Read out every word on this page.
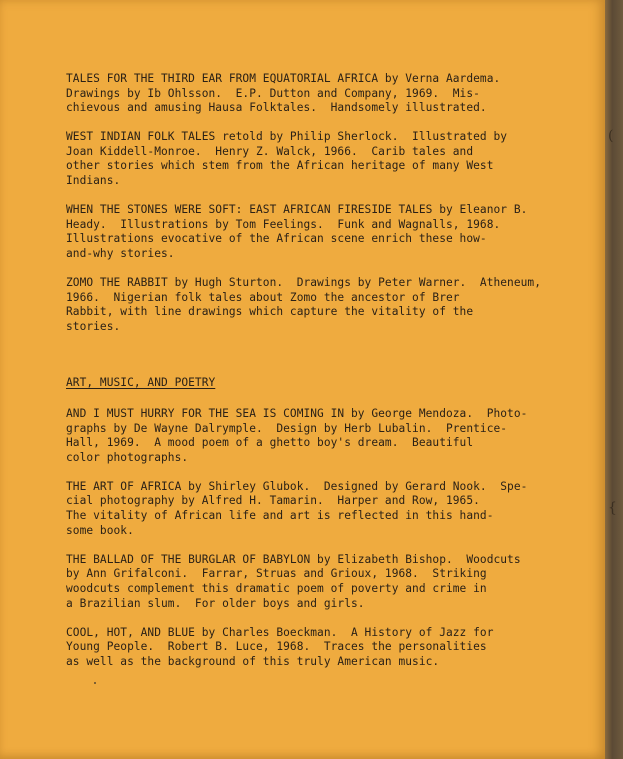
TALES FOR THE THIRD EAR FROM EQUATORIAL AFRICA by Verna Aardema.
Drawings by Ib Ohlsson.  E.P. Dutton and Company, 1969.  Mis-
chievous and amusing Hausa Folktales.  Handsomely illustrated.
WEST INDIAN FOLK TALES retold by Philip Sherlock.  Illustrated by
Joan Kiddell-Monroe.  Henry Z. Walck, 1966.  Carib tales and
other stories which stem from the African heritage of many West
Indians.
WHEN THE STONES WERE SOFT: EAST AFRICAN FIRESIDE TALES by Eleanor B.
Heady.  Illustrations by Tom Feelings.  Funk and Wagnalls, 1968.
Illustrations evocative of the African scene enrich these how-
and-why stories.
ZOMO THE RABBIT by Hugh Sturton.  Drawings by Peter Warner.  Atheneum,
1966.  Nigerian folk tales about Zomo the ancestor of Brer
Rabbit, with line drawings which capture the vitality of the
stories.
ART, MUSIC, AND POETRY
AND I MUST HURRY FOR THE SEA IS COMING IN by George Mendoza.  Photo-
graphs by De Wayne Dalrymple.  Design by Herb Lubalin.  Prentice-
Hall, 1969.  A mood poem of a ghetto boy's dream.  Beautiful
color photographs.
THE ART OF AFRICA by Shirley Glubok.  Designed by Gerard Nook.  Spe-
cial photography by Alfred H. Tamarin.  Harper and Row, 1965.
The vitality of African life and art is reflected in this hand-
some book.
THE BALLAD OF THE BURGLAR OF BABYLON by Elizabeth Bishop.  Woodcuts
by Ann Grifalconi.  Farrar, Struas and Grioux, 1968.  Striking
woodcuts complement this dramatic poem of poverty and crime in
a Brazilian slum.  For older boys and girls.
COOL, HOT, AND BLUE by Charles Boeckman.  A History of Jazz for
Young People.  Robert B. Luce, 1968.  Traces the personalities
as well as the background of this truly American music.
(
{
